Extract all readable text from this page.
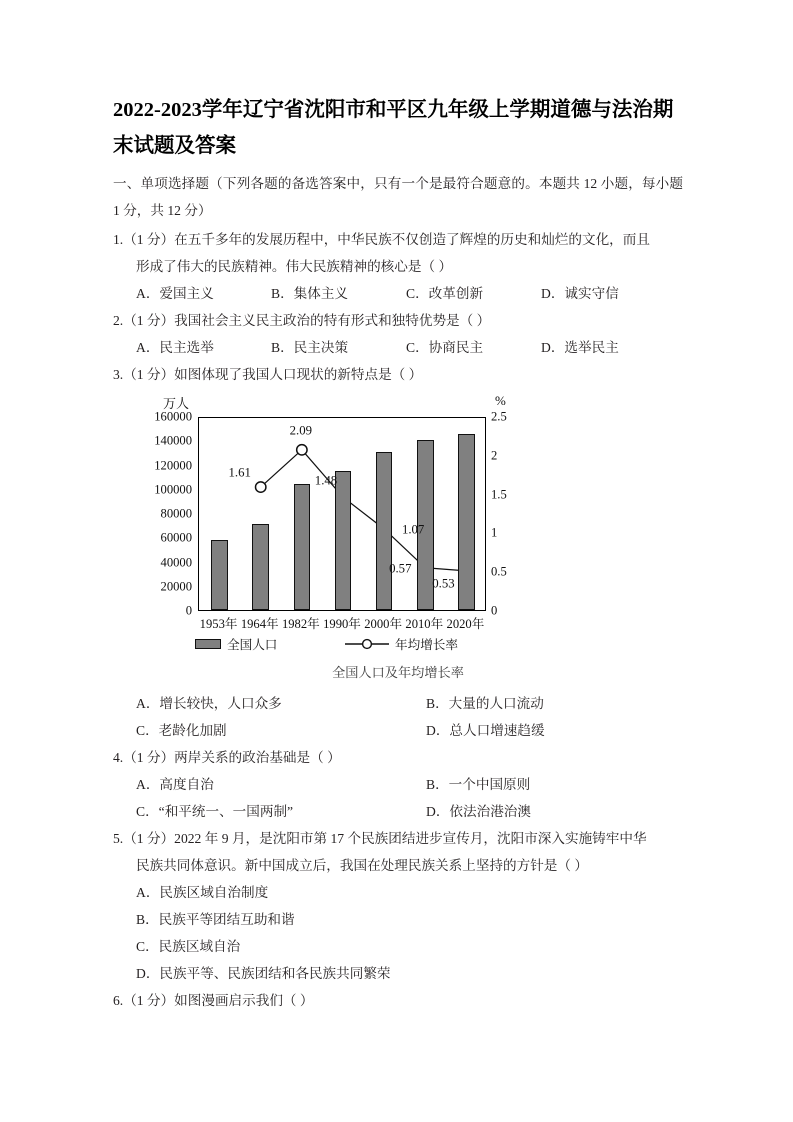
2022-2023学年辽宁省沈阳市和平区九年级上学期道德与法治期末试题及答案

一、单项选择题（下列各题的备选答案中，只有一个是最符合题意的。本题共 12 小题，每小题 1 分，共 12 分）

1.（1 分）在五千多年的发展历程中，中华民族不仅创造了辉煌的历史和灿烂的文化，而且
形成了伟大的民族精神。伟大民族精神的核心是（ ）
A．爱国主义	B．集体主义	C．改革创新	D．诚实守信
2.（1 分）我国社会主义民主政治的特有形式和独特优势是（ ）
A．民主选举	B．民主决策	C．协商民主	D．选举民主
3.（1 分）如图体现了我国人口现状的新特点是（ ）
万人	%
160000
140000
120000
100000
80000
60000
40000
20000
0
2.5
2
1.5
1
0.5
0
1953年 1964年 1982年 1990年 2000年 2010年 2020年
全国人口	年均增长率
1.61
2.09
1.48
1.07
0.57
0.53
全国人口及年均增长率
A．增长较快，人口众多	B．大量的人口流动
C．老龄化加剧	D．总人口增速趋缓
4.（1 分）两岸关系的政治基础是（ ）
A．高度自治	B．一个中国原则
C．“和平统一、一国两制”	D．依法治港治澳
5.（1 分）2022 年 9 月，是沈阳市第 17 个民族团结进步宣传月，沈阳市深入实施铸牢中华
民族共同体意识。新中国成立后，我国在处理民族关系上坚持的方针是（ ）
A．民族区域自治制度
B．民族平等团结互助和谐
C．民族区域自治
D．民族平等、民族团结和各民族共同繁荣
6.（1 分）如图漫画启示我们（ ）
